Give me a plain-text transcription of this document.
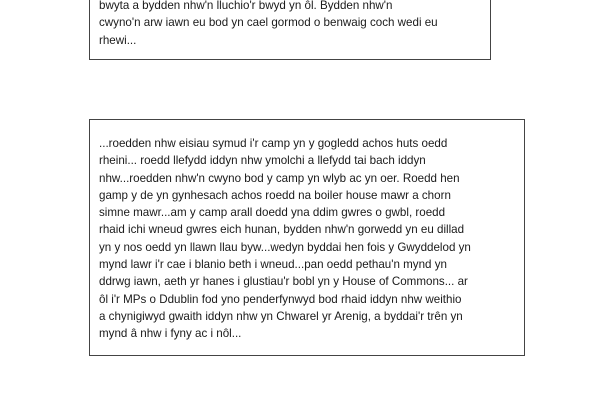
bwyta a bydden nhw'n lluchio'r bwyd yn ôl. Bydden nhw'n
cwyno'n arw iawn eu bod yn cael gormod o benwaig coch wedi eu
rhewi...
...roedden nhw eisiau symud i'r camp yn y gogledd achos huts oedd
rheini... roedd llefydd iddyn nhw ymolchi a llefydd tai bach iddyn
nhw...roedden nhw'n cwyno bod y camp yn wlyb ac yn oer. Roedd hen
gamp y de yn gynhesach achos roedd na boiler house mawr a chorn
simne mawr...am y camp arall doedd yna ddim gwres o gwbl, roedd
rhaid ichi wneud gwres eich hunan, bydden nhw'n gorwedd yn eu dillad
yn y nos oedd yn llawn llau byw...wedyn byddai hen fois y Gwyddelod yn
mynd lawr i'r cae i blanio beth i wneud...pan oedd pethau'n mynd yn
ddrwg iawn, aeth yr hanes i glustiau'r bobl yn y House of Commons... ar
ôl i'r MPs o Ddublin fod yno penderfynwyd bod rhaid iddyn nhw weithio
a chynigiwyd gwaith iddyn nhw yn Chwarel yr Arenig, a byddai'r trên yn
mynd â nhw i fyny ac i nôl...
